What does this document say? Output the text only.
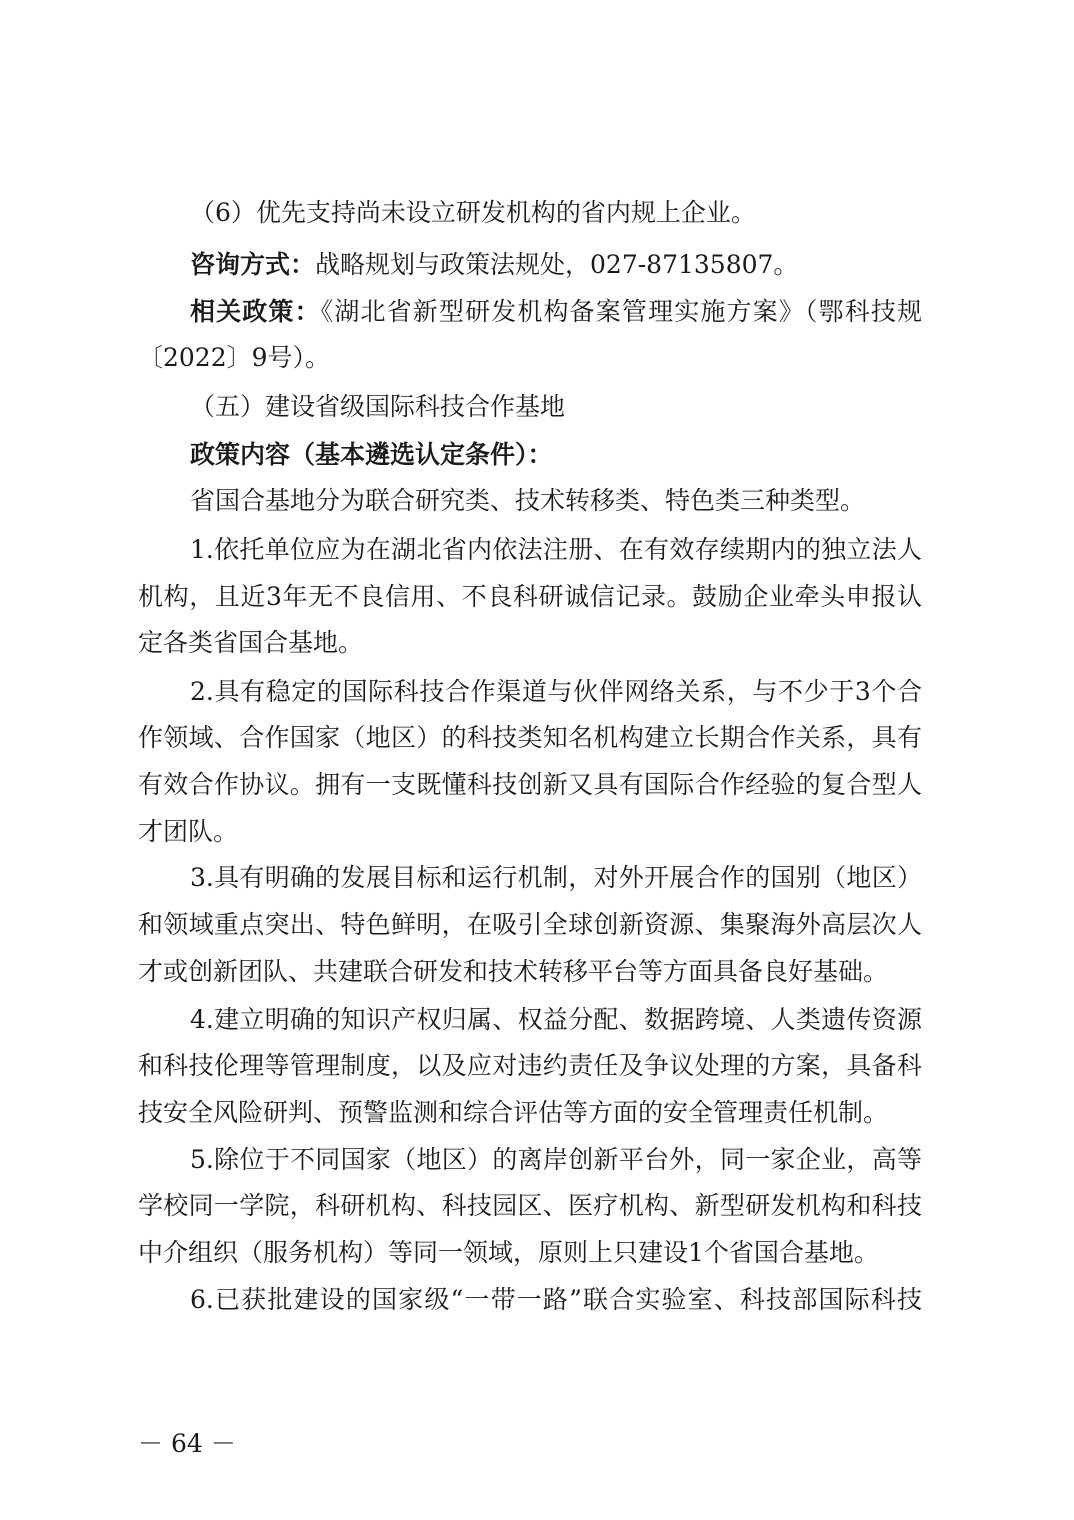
（6）优先支持尚未设立研发机构的省内规上企业。
咨询方式：战略规划与政策法规处，027-87135807。
相关政策：《湖北省新型研发机构备案管理实施方案》（鄂科技规
〔2022〕9号）。
（五）建设省级国际科技合作基地
政策内容（基本遴选认定条件）：
省国合基地分为联合研究类、技术转移类、特色类三种类型。
1.依托单位应为在湖北省内依法注册、在有效存续期内的独立法人
机构，且近3年无不良信用、不良科研诚信记录。鼓励企业牵头申报认
定各类省国合基地。
2.具有稳定的国际科技合作渠道与伙伴网络关系，与不少于3个合
作领域、合作国家（地区）的科技类知名机构建立长期合作关系，具有
有效合作协议。拥有一支既懂科技创新又具有国际合作经验的复合型人
才团队。
3.具有明确的发展目标和运行机制，对外开展合作的国别（地区）
和领域重点突出、特色鲜明，在吸引全球创新资源、集聚海外高层次人
才或创新团队、共建联合研发和技术转移平台等方面具备良好基础。
4.建立明确的知识产权归属、权益分配、数据跨境、人类遗传资源
和科技伦理等管理制度，以及应对违约责任及争议处理的方案，具备科
技安全风险研判、预警监测和综合评估等方面的安全管理责任机制。
5.除位于不同国家（地区）的离岸创新平台外，同一家企业，高等
学校同一学院，科研机构、科技园区、医疗机构、新型研发机构和科技
中介组织（服务机构）等同一领域，原则上只建设1个省国合基地。
6.已获批建设的国家级“一带一路”联合实验室、科技部国际科技
－ 64 －
